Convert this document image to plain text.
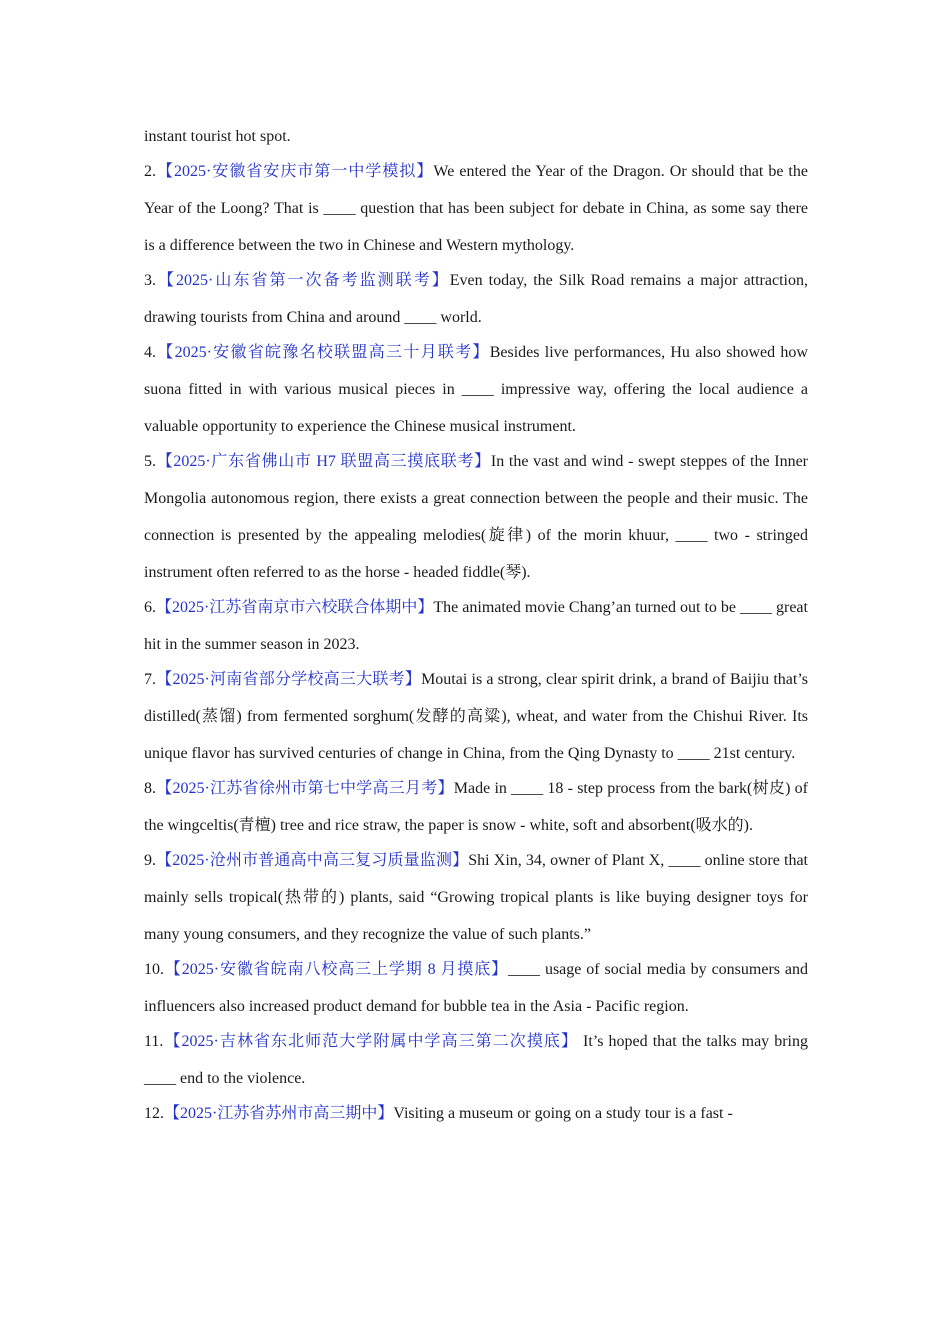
instant tourist hot spot.

2.【2025·安徽省安庆市第一中学模拟】We entered the Year of the Dragon. Or should that be the Year of the Loong? That is ____ question that has been subject for debate in China, as some say there is a difference between the two in Chinese and Western mythology.

3.【2025·山东省第一次备考监测联考】Even today, the Silk Road remains a major attraction, drawing tourists from China and around ____ world.

4.【2025·安徽省皖豫名校联盟高三十月联考】Besides live performances, Hu also showed how suona fitted in with various musical pieces in ____ impressive way, offering the local audience a valuable opportunity to experience the Chinese musical instrument.

5.【2025·广东省佛山市 H7 联盟高三摸底联考】In the vast and wind - swept steppes of the Inner Mongolia autonomous region, there exists a great connection between the people and their music. The connection is presented by the appealing melodies(旋律) of the morin khuur, ____ two - stringed instrument often referred to as the horse - headed fiddle(琴).

6.【2025·江苏省南京市六校联合体期中】The animated movie Chang’an turned out to be ____ great hit in the summer season in 2023.

7.【2025·河南省部分学校高三大联考】Moutai is a strong, clear spirit drink, a brand of Baijiu that’s distilled(蒸馏) from fermented sorghum(发酵的高粱), wheat, and water from the Chishui River. Its unique flavor has survived centuries of change in China, from the Qing Dynasty to ____ 21st century.

8.【2025·江苏省徐州市第七中学高三月考】Made in ____ 18 - step process from the bark(树皮) of the wingceltis(青檀) tree and rice straw, the paper is snow - white, soft and absorbent(吸水的).

9.【2025·沧州市普通高中高三复习质量监测】Shi Xin, 34, owner of Plant X, ____ online store that mainly sells tropical(热带的) plants, said “Growing tropical plants is like buying designer toys for many young consumers, and they recognize the value of such plants.”

10.【2025·安徽省皖南八校高三上学期 8 月摸底】____ usage of social media by consumers and influencers also increased product demand for bubble tea in the Asia - Pacific region.

11.【2025·吉林省东北师范大学附属中学高三第二次摸底】 It’s hoped that the talks may bring ____ end to the violence.

12.【2025·江苏省苏州市高三期中】Visiting a museum or going on a study tour is a fast -
